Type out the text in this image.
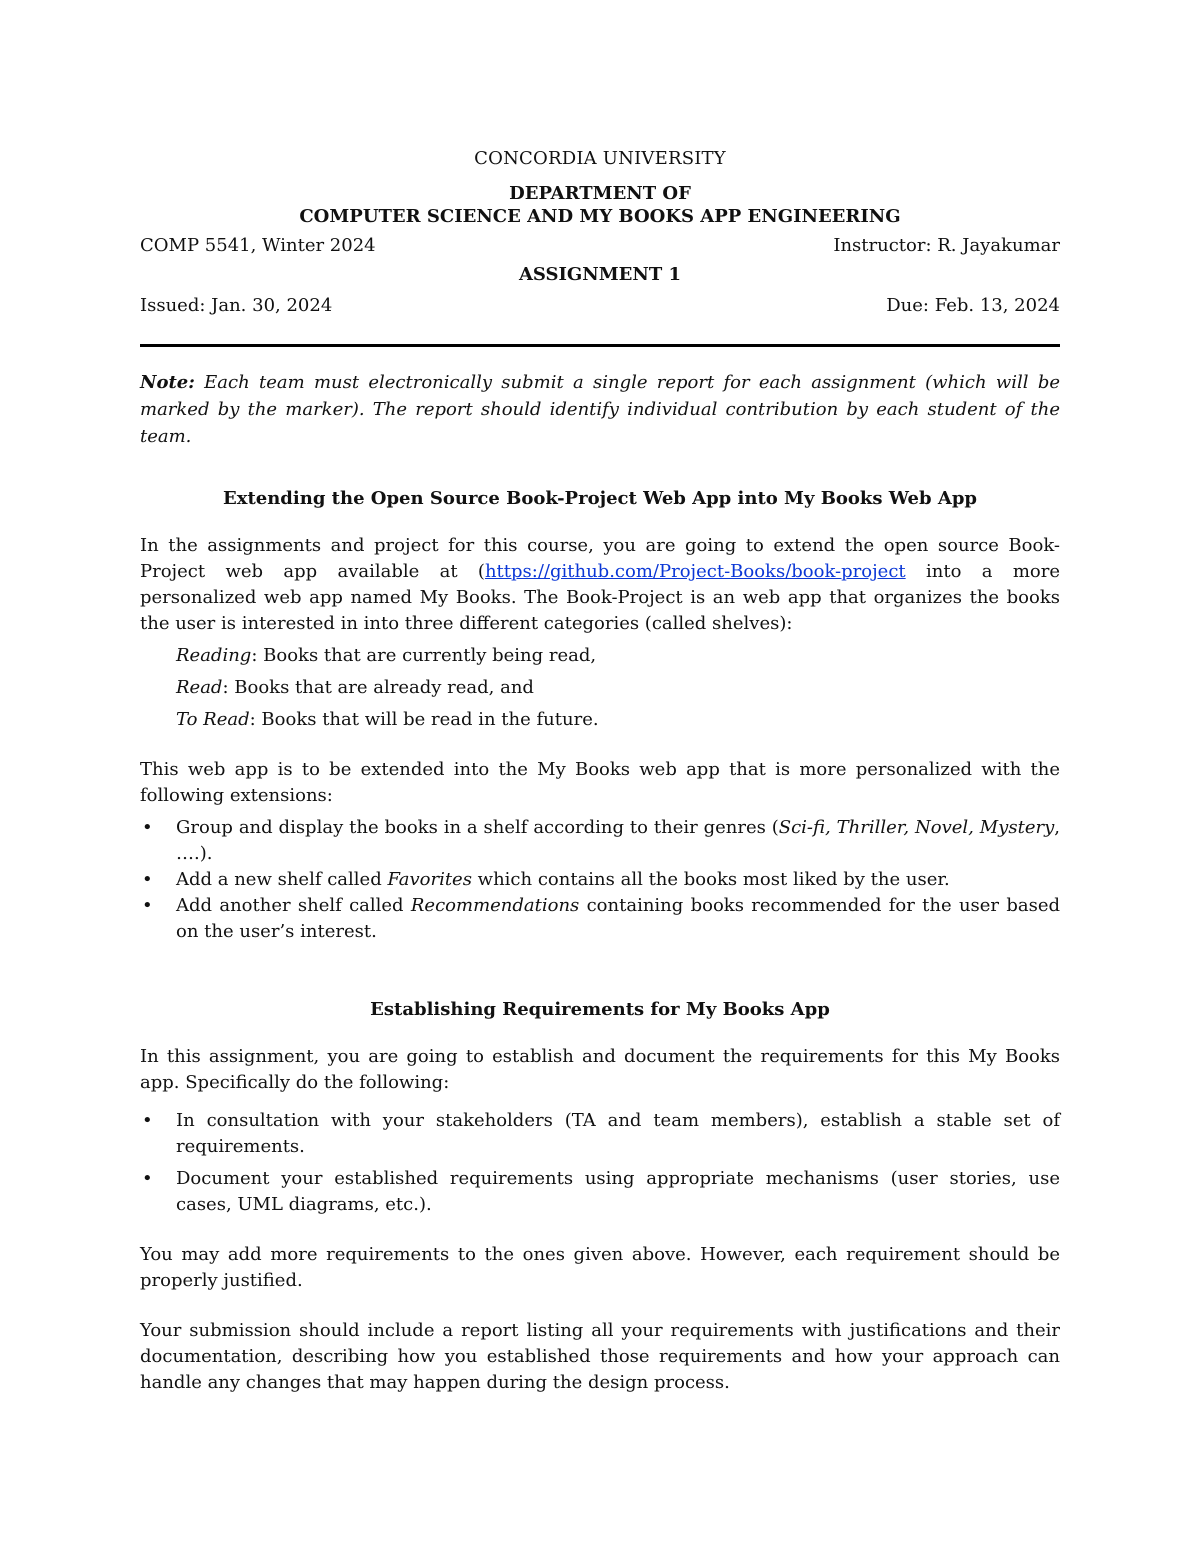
CONCORDIA UNIVERSITY
DEPARTMENT OF
COMPUTER SCIENCE AND MY BOOKS APP ENGINEERING
COMP 5541, Winter 2024	Instructor: R. Jayakumar
ASSIGNMENT 1
Issued: Jan. 30, 2024	Due: Feb. 13, 2024

Note: Each team must electronically submit a single report for each assignment (which will be marked by the marker). The report should identify individual contribution by each student of the team.

Extending the Open Source Book-Project Web App into My Books Web App

In the assignments and project for this course, you are going to extend the open source Book-Project web app available at (https://github.com/Project-Books/book-project into a more personalized web app named My Books. The Book-Project is an web app that organizes the books the user is interested in into three different categories (called shelves):

Reading: Books that are currently being read,
Read: Books that are already read, and
To Read: Books that will be read in the future.

This web app is to be extended into the My Books web app that is more personalized with the following extensions:

• Group and display the books in a shelf according to their genres (Sci-fi, Thriller, Novel, Mystery, ….).
• Add a new shelf called Favorites which contains all the books most liked by the user.
• Add another shelf called Recommendations containing books recommended for the user based on the user’s interest.
Establishing Requirements for My Books App

In this assignment, you are going to establish and document the requirements for this My Books app. Specifically do the following:

• In consultation with your stakeholders (TA and team members), establish a stable set of requirements.
• Document your established requirements using appropriate mechanisms (user stories, use cases, UML diagrams, etc.).

You may add more requirements to the ones given above. However, each requirement should be properly justified.

Your submission should include a report listing all your requirements with justifications and their documentation, describing how you established those requirements and how your approach can handle any changes that may happen during the design process.
